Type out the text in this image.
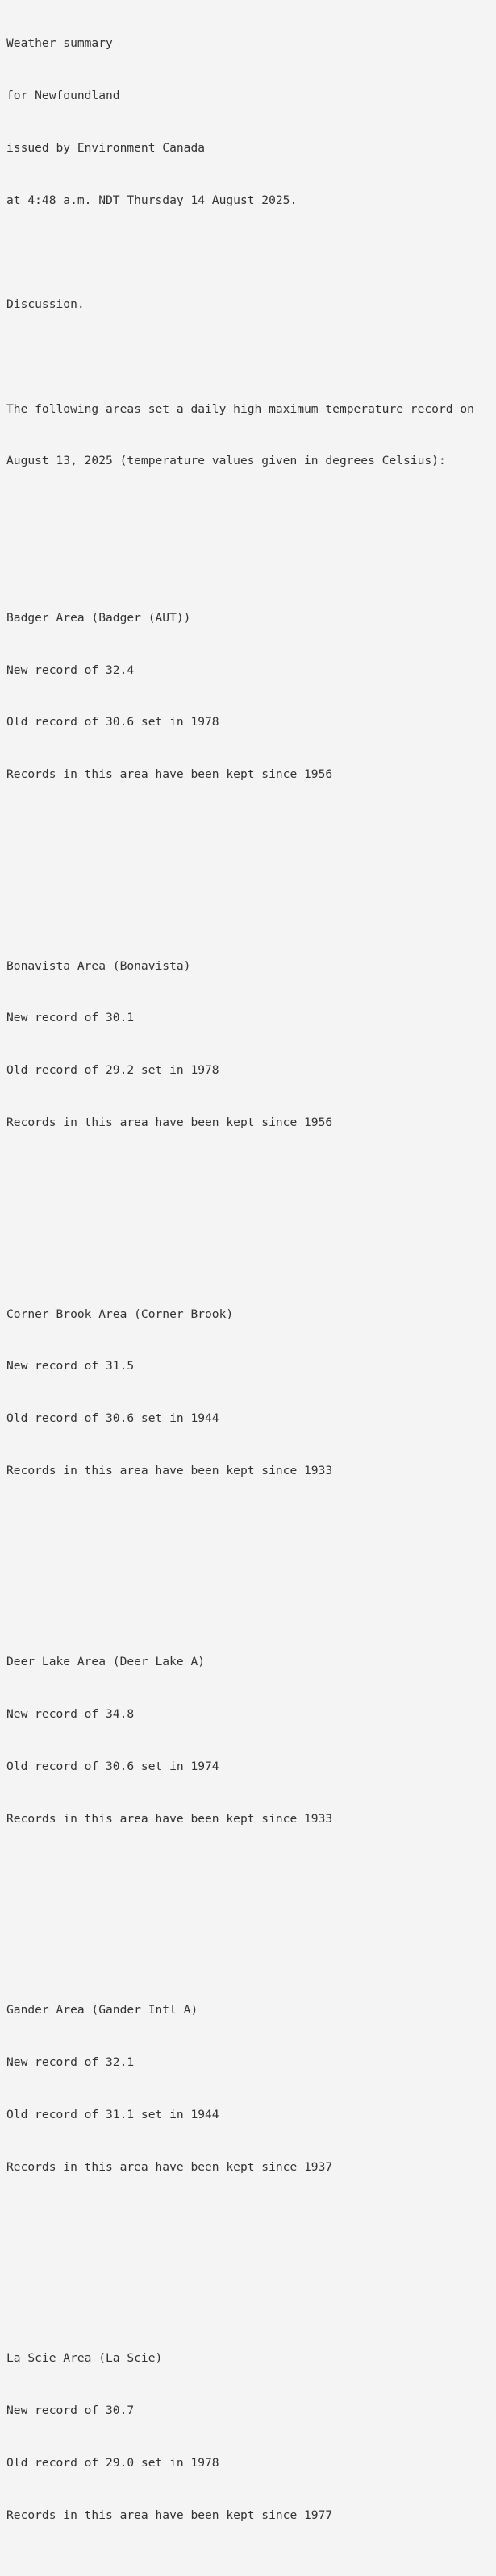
Weather summary

for Newfoundland

issued by Environment Canada

at 4:48 a.m. NDT Thursday 14 August 2025.

Discussion.

The following areas set a daily high maximum temperature record on

August 13, 2025 (temperature values given in degrees Celsius):

Badger Area (Badger (AUT))

New record of 32.4

Old record of 30.6 set in 1978

Records in this area have been kept since 1956

Bonavista Area (Bonavista)

New record of 30.1

Old record of 29.2 set in 1978

Records in this area have been kept since 1956

Corner Brook Area (Corner Brook)

New record of 31.5

Old record of 30.6 set in 1944

Records in this area have been kept since 1933

Deer Lake Area (Deer Lake A)

New record of 34.8

Old record of 30.6 set in 1974

Records in this area have been kept since 1933

Gander Area (Gander Intl A)

New record of 32.1

Old record of 31.1 set in 1944

Records in this area have been kept since 1937

La Scie Area (La Scie)

New record of 30.7

Old record of 29.0 set in 1978

Records in this area have been kept since 1977
